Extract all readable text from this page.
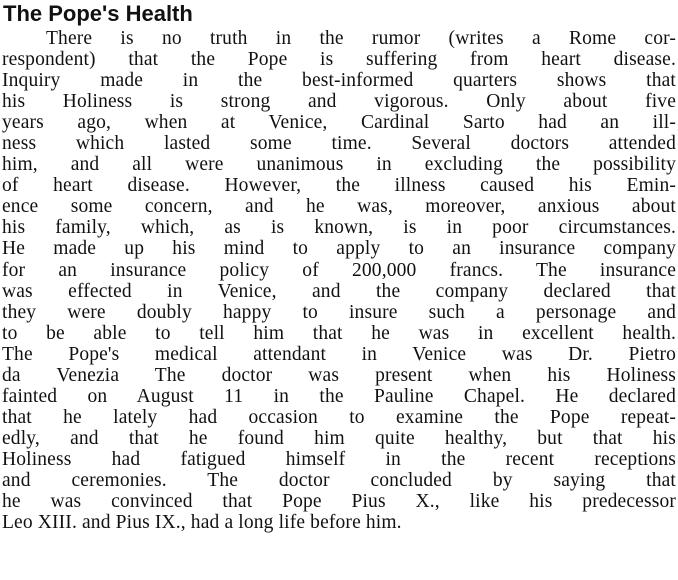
The Pope's Health
There is no truth in the rumor (writes a Rome cor-
respondent) that the Pope is suffering from heart disease.
Inquiry made in the best-informed quarters shows that
his Holiness is strong and vigorous. Only about five
years ago, when at Venice, Cardinal Sarto had an ill-
ness which lasted some time. Several doctors attended
him, and all were unanimous in excluding the possibility
of heart disease. However, the illness caused his Emin-
ence some concern, and he was, moreover, anxious about
his family, which, as is known, is in poor circumstances.
He made up his mind to apply to an insurance company
for an insurance policy of 200,000 francs. The insurance
was effected in Venice, and the company declared that
they were doubly happy to insure such a personage and
to be able to tell him that he was in excellent health.
The Pope's medical attendant in Venice was Dr. Pietro
da Venezia The doctor was present when his Holiness
fainted on August 11 in the Pauline Chapel. He declared
that he lately had occasion to examine the Pope repeat-
edly, and that he found him quite healthy, but that his
Holiness had fatigued himself in the recent receptions
and ceremonies. The doctor concluded by saying that
he was convinced that Pope Pius X., like his predecessor
Leo XIII. and Pius IX., had a long life before him.
